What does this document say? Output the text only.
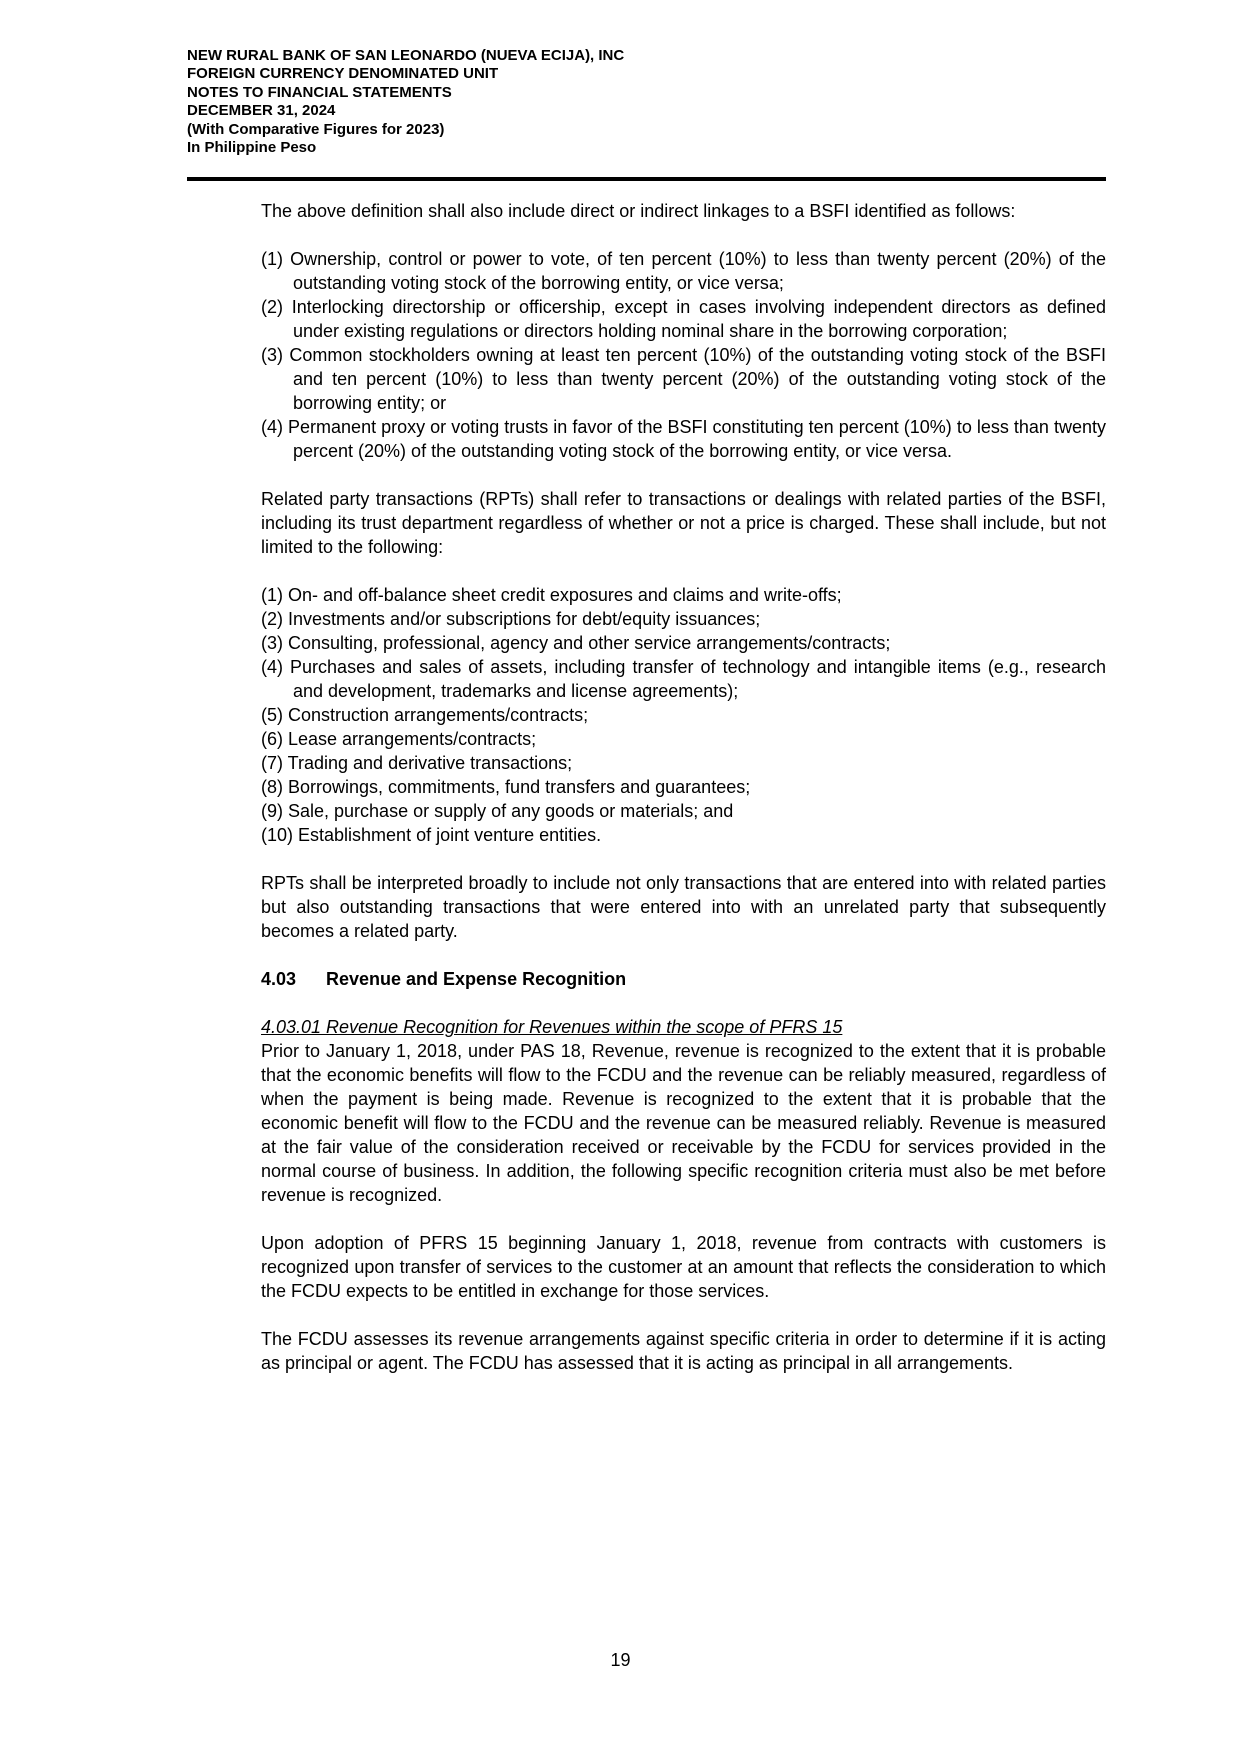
NEW RURAL BANK OF SAN LEONARDO (NUEVA ECIJA), INC
FOREIGN CURRENCY DENOMINATED UNIT
NOTES TO FINANCIAL STATEMENTS
DECEMBER 31, 2024
(With Comparative Figures for 2023)
In Philippine Peso
The above definition shall also include direct or indirect linkages to a BSFI identified as follows:
(1) Ownership, control or power to vote, of ten percent (10%) to less than twenty percent (20%) of the outstanding voting stock of the borrowing entity, or vice versa;
(2) Interlocking directorship or officership, except in cases involving independent directors as defined under existing regulations or directors holding nominal share in the borrowing corporation;
(3) Common stockholders owning at least ten percent (10%) of the outstanding voting stock of the BSFI and ten percent (10%) to less than twenty percent (20%) of the outstanding voting stock of the borrowing entity; or
(4) Permanent proxy or voting trusts in favor of the BSFI constituting ten percent (10%) to less than twenty percent (20%) of the outstanding voting stock of the borrowing entity, or vice versa.
Related party transactions (RPTs) shall refer to transactions or dealings with related parties of the BSFI, including its trust department regardless of whether or not a price is charged. These shall include, but not limited to the following:
(1) On- and off-balance sheet credit exposures and claims and write-offs;
(2) Investments and/or subscriptions for debt/equity issuances;
(3) Consulting, professional, agency and other service arrangements/contracts;
(4) Purchases and sales of assets, including transfer of technology and intangible items (e.g., research and development, trademarks and license agreements);
(5) Construction arrangements/contracts;
(6) Lease arrangements/contracts;
(7) Trading and derivative transactions;
(8) Borrowings, commitments, fund transfers and guarantees;
(9) Sale, purchase or supply of any goods or materials; and
(10) Establishment of joint venture entities.
RPTs shall be interpreted broadly to include not only transactions that are entered into with related parties but also outstanding transactions that were entered into with an unrelated party that subsequently becomes a related party.
4.03 Revenue and Expense Recognition
4.03.01 Revenue Recognition for Revenues within the scope of PFRS 15
Prior to January 1, 2018, under PAS 18, Revenue, revenue is recognized to the extent that it is probable that the economic benefits will flow to the FCDU and the revenue can be reliably measured, regardless of when the payment is being made. Revenue is recognized to the extent that it is probable that the economic benefit will flow to the FCDU and the revenue can be measured reliably. Revenue is measured at the fair value of the consideration received or receivable by the FCDU for services provided in the normal course of business. In addition, the following specific recognition criteria must also be met before revenue is recognized.
Upon adoption of PFRS 15 beginning January 1, 2018, revenue from contracts with customers is recognized upon transfer of services to the customer at an amount that reflects the consideration to which the FCDU expects to be entitled in exchange for those services.
The FCDU assesses its revenue arrangements against specific criteria in order to determine if it is acting as principal or agent. The FCDU has assessed that it is acting as principal in all arrangements.
19
